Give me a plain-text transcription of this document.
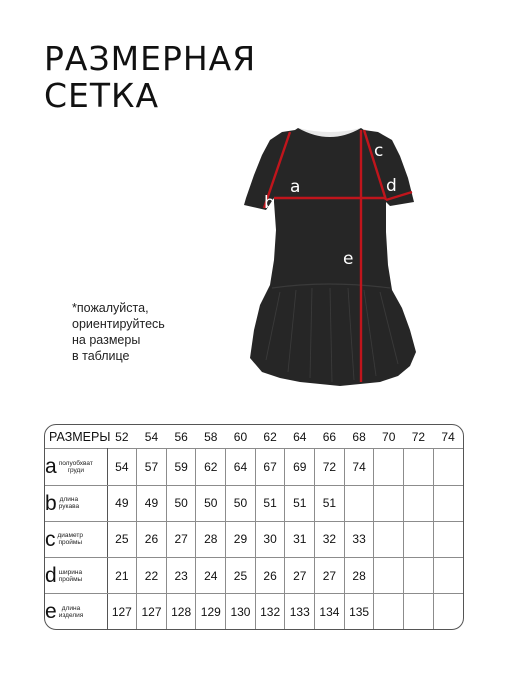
РАЗМЕРНАЯ
СЕТКА
a
b
c
d
e
*пожалуйста,
ориентируйтесь
на размеры
в таблице
РАЗМЕРЫ	52	54	56	58	60	62	64	66	68	70	72	74

a полуобхват
груди	54	57	59	62	64	67	69	72	74			

b длина
рукава	49	49	50	50	50	51	51	51				

c диаметр
проймы	25	26	27	28	29	30	31	32	33			

d ширина
проймы	21	22	23	24	25	26	27	27	28			

e длина
изделия	127	127	128	129	130	132	133	134	135			
